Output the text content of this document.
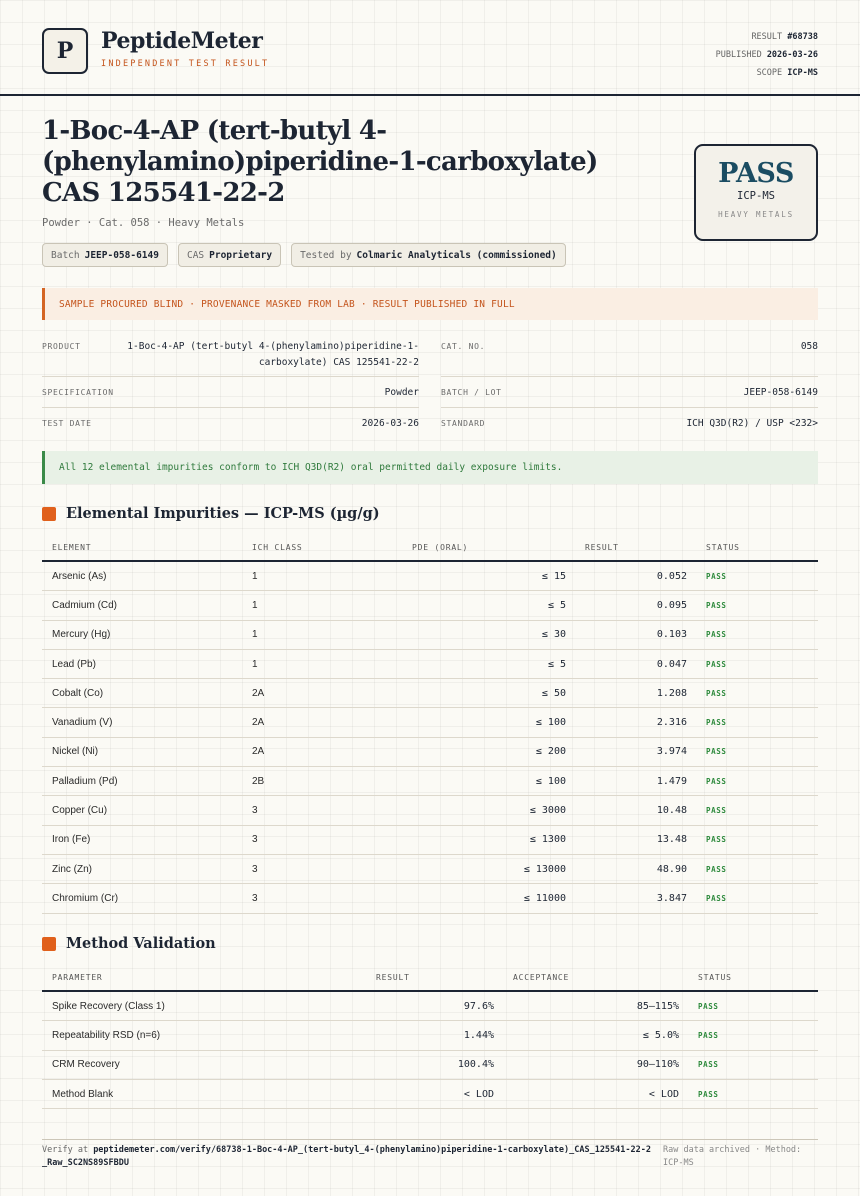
P	PeptideMeter
INDEPENDENT TEST RESULT
RESULT #68738
PUBLISHED 2026-03-26
SCOPE ICP-MS
1-Boc-4-AP (tert-butyl 4-(phenylamino)piperidine-1-carboxylate) CAS 125541-22-2
Powder · Cat. 058 · Heavy Metals
PASS
ICP-MS
HEAVY METALS
Batch JEEP-058-6149	CAS Proprietary	Tested by Colmaric Analyticals (commissioned)
SAMPLE PROCURED BLIND · PROVENANCE MASKED FROM LAB · RESULT PUBLISHED IN FULL
PRODUCT	1-Boc-4-AP (tert-butyl 4-(phenylamino)piperidine-1-carboxylate) CAS 125541-22-2
CAT. NO.	058
SPECIFICATION	Powder	BATCH / LOT	JEEP-058-6149
TEST DATE	2026-03-26	STANDARD	ICH Q3D(R2) / USP <232>
All 12 elemental impurities conform to ICH Q3D(R2) oral permitted daily exposure limits.
Elemental Impurities — ICP-MS (µg/g)
ELEMENT	ICH CLASS	PDE (ORAL)	RESULT	STATUS
Arsenic (As)	1	≤ 15	0.052	PASS
Cadmium (Cd)	1	≤ 5	0.095	PASS
Mercury (Hg)	1	≤ 30	0.103	PASS
Lead (Pb)	1	≤ 5	0.047	PASS
Cobalt (Co)	2A	≤ 50	1.208	PASS
Vanadium (V)	2A	≤ 100	2.316	PASS
Nickel (Ni)	2A	≤ 200	3.974	PASS
Palladium (Pd)	2B	≤ 100	1.479	PASS
Copper (Cu)	3	≤ 3000	10.48	PASS
Iron (Fe)	3	≤ 1300	13.48	PASS
Zinc (Zn)	3	≤ 13000	48.90	PASS
Chromium (Cr)	3	≤ 11000	3.847	PASS
Method Validation
PARAMETER	RESULT	ACCEPTANCE	STATUS
Spike Recovery (Class 1)	97.6%	85–115%	PASS
Repeatability RSD (n=6)	1.44%	≤ 5.0%	PASS
CRM Recovery	100.4%	90–110%	PASS
Method Blank	< LOD	< LOD	PASS
Verify at peptidemeter.com/verify/68738-1-Boc-4-AP_(tert-butyl_4-(phenylamino)piperidine-1-carboxylate)_CAS_125541-22-2_Raw_SC2NS89SFBDU
Raw data archived · Method: ICP-MS
